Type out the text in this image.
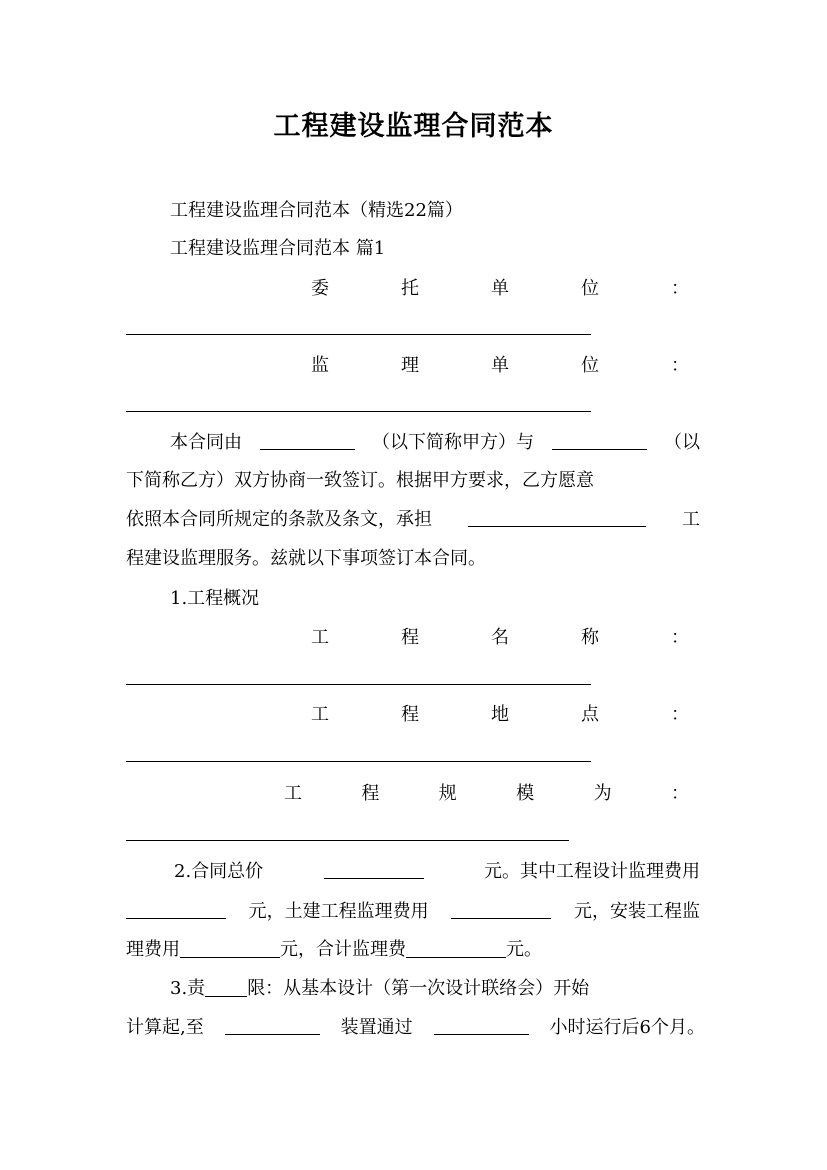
工程建设监理合同范本
工程建设监理合同范本（精选22篇）
工程建设监理合同范本 篇1
委	托	单	位	：
监	理	单	位	：
本合同由	（以下简称甲方）与	（以
下简称乙方）双方协商一致签订。根据甲方要求，乙方愿意
依照本合同所规定的条款及条文，承担	工
程建设监理服务。兹就以下事项签订本合同。
1.工程概况
工	程	名	称	：
工	程	地	点	：
工	程	规	模	为	：
2.合同总价	元。其中工程设计监理费用
元，土建工程监理费用	元，安装工程监
理费用	元，合计监理费	元。
3.责 限：从基本设计（第一次设计联络会）开始
计算起,至	装置通过	小时运行后6个月。
